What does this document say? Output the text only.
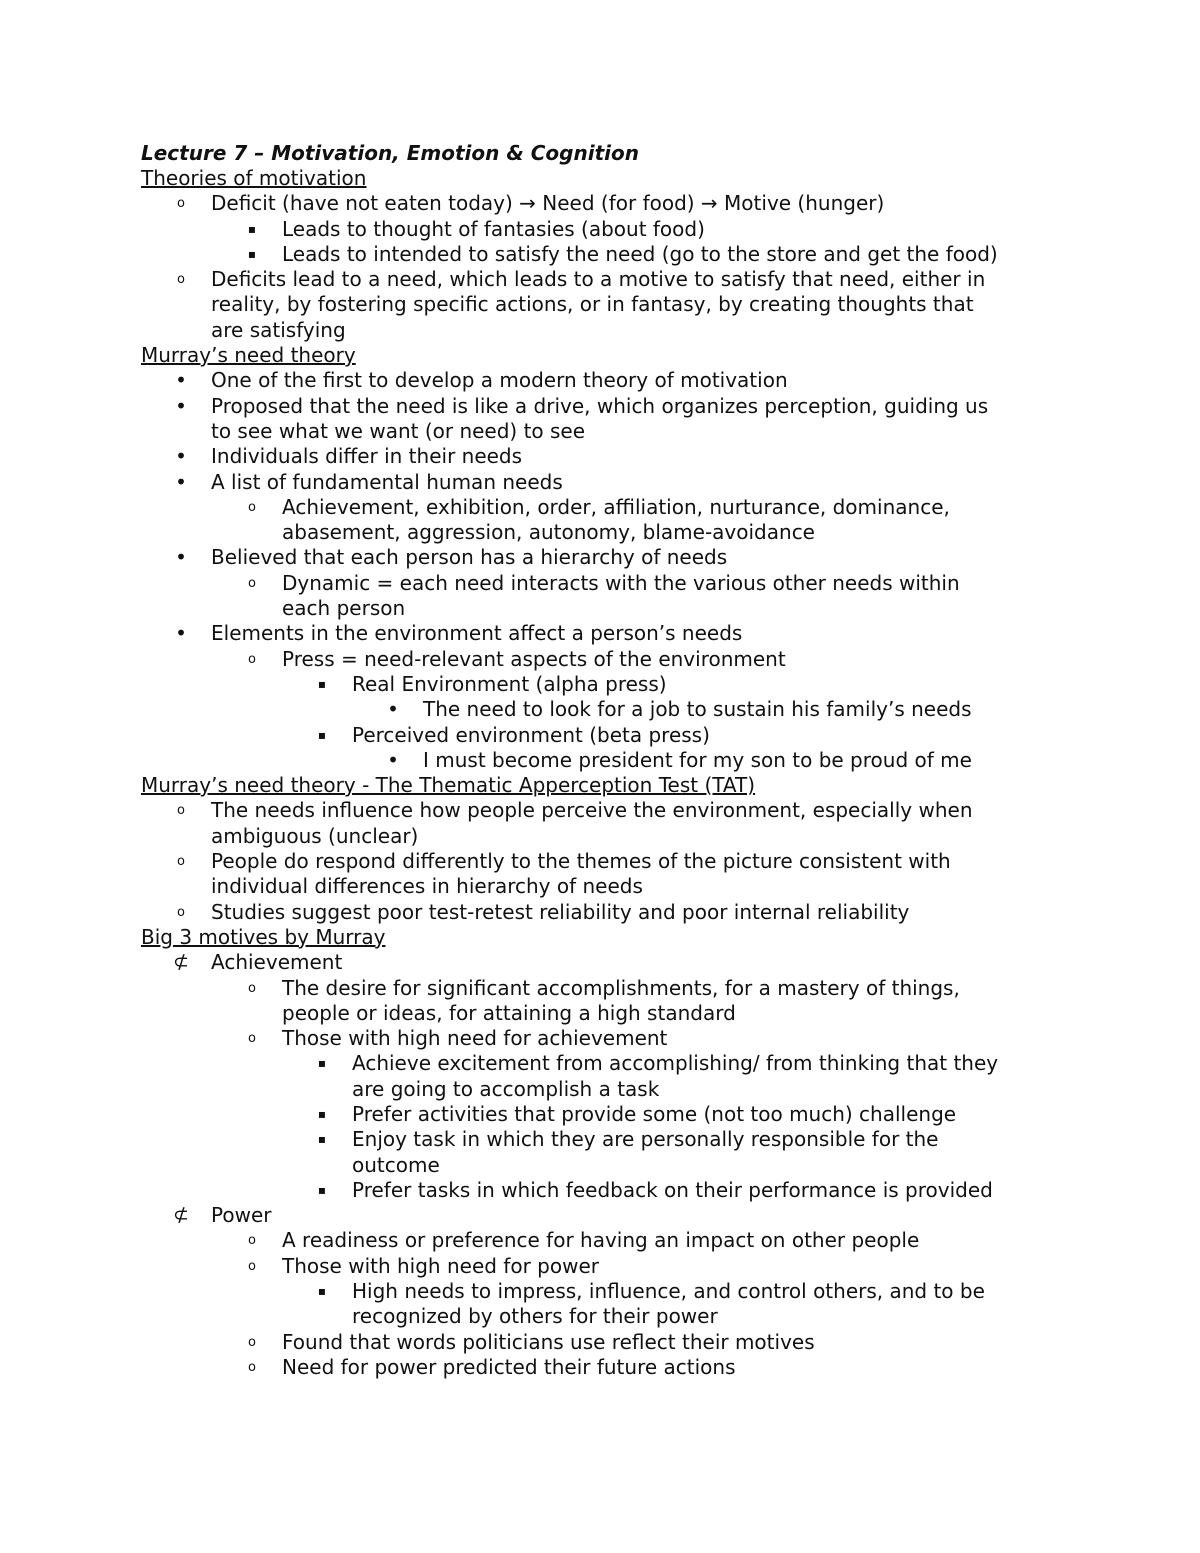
Lecture 7 – Motivation, Emotion & Cognition
Theories of motivation
o	Deficit (have not eaten today) → Need (for food) → Motive (hunger)
▪	Leads to thought of fantasies (about food)
▪	Leads to intended to satisfy the need (go to the store and get the food)
o	Deficits lead to a need, which leads to a motive to satisfy that need, either in
reality, by fostering specific actions, or in fantasy, by creating thoughts that
are satisfying
Murray’s need theory
• One of the first to develop a modern theory of motivation
• Proposed that the need is like a drive, which organizes perception, guiding us
to see what we want (or need) to see
• Individuals differ in their needs
• A list of fundamental human needs
o	Achievement, exhibition, order, affiliation, nurturance, dominance,
abasement, aggression, autonomy, blame-avoidance
• Believed that each person has a hierarchy of needs
o	Dynamic = each need interacts with the various other needs within
each person
• Elements in the environment affect a person’s needs
o	Press = need-relevant aspects of the environment
▪	Real Environment (alpha press)
• The need to look for a job to sustain his family’s needs
▪	Perceived environment (beta press)
• I must become president for my son to be proud of me
Murray’s need theory - The Thematic Apperception Test (TAT)
o	The needs influence how people perceive the environment, especially when
ambiguous (unclear)
o	People do respond differently to the themes of the picture consistent with
individual differences in hierarchy of needs
o	Studies suggest poor test-retest reliability and poor internal reliability
Big 3 motives by Murray
⊄ Achievement
o	The desire for significant accomplishments, for a mastery of things,
people or ideas, for attaining a high standard
o	Those with high need for achievement
▪	Achieve excitement from accomplishing/ from thinking that they
are going to accomplish a task
▪	Prefer activities that provide some (not too much) challenge
▪	Enjoy task in which they are personally responsible for the
outcome
▪	Prefer tasks in which feedback on their performance is provided
⊄ Power
o	A readiness or preference for having an impact on other people
o	Those with high need for power
▪	High needs to impress, influence, and control others, and to be
recognized by others for their power
o	Found that words politicians use reflect their motives
o	Need for power predicted their future actions
